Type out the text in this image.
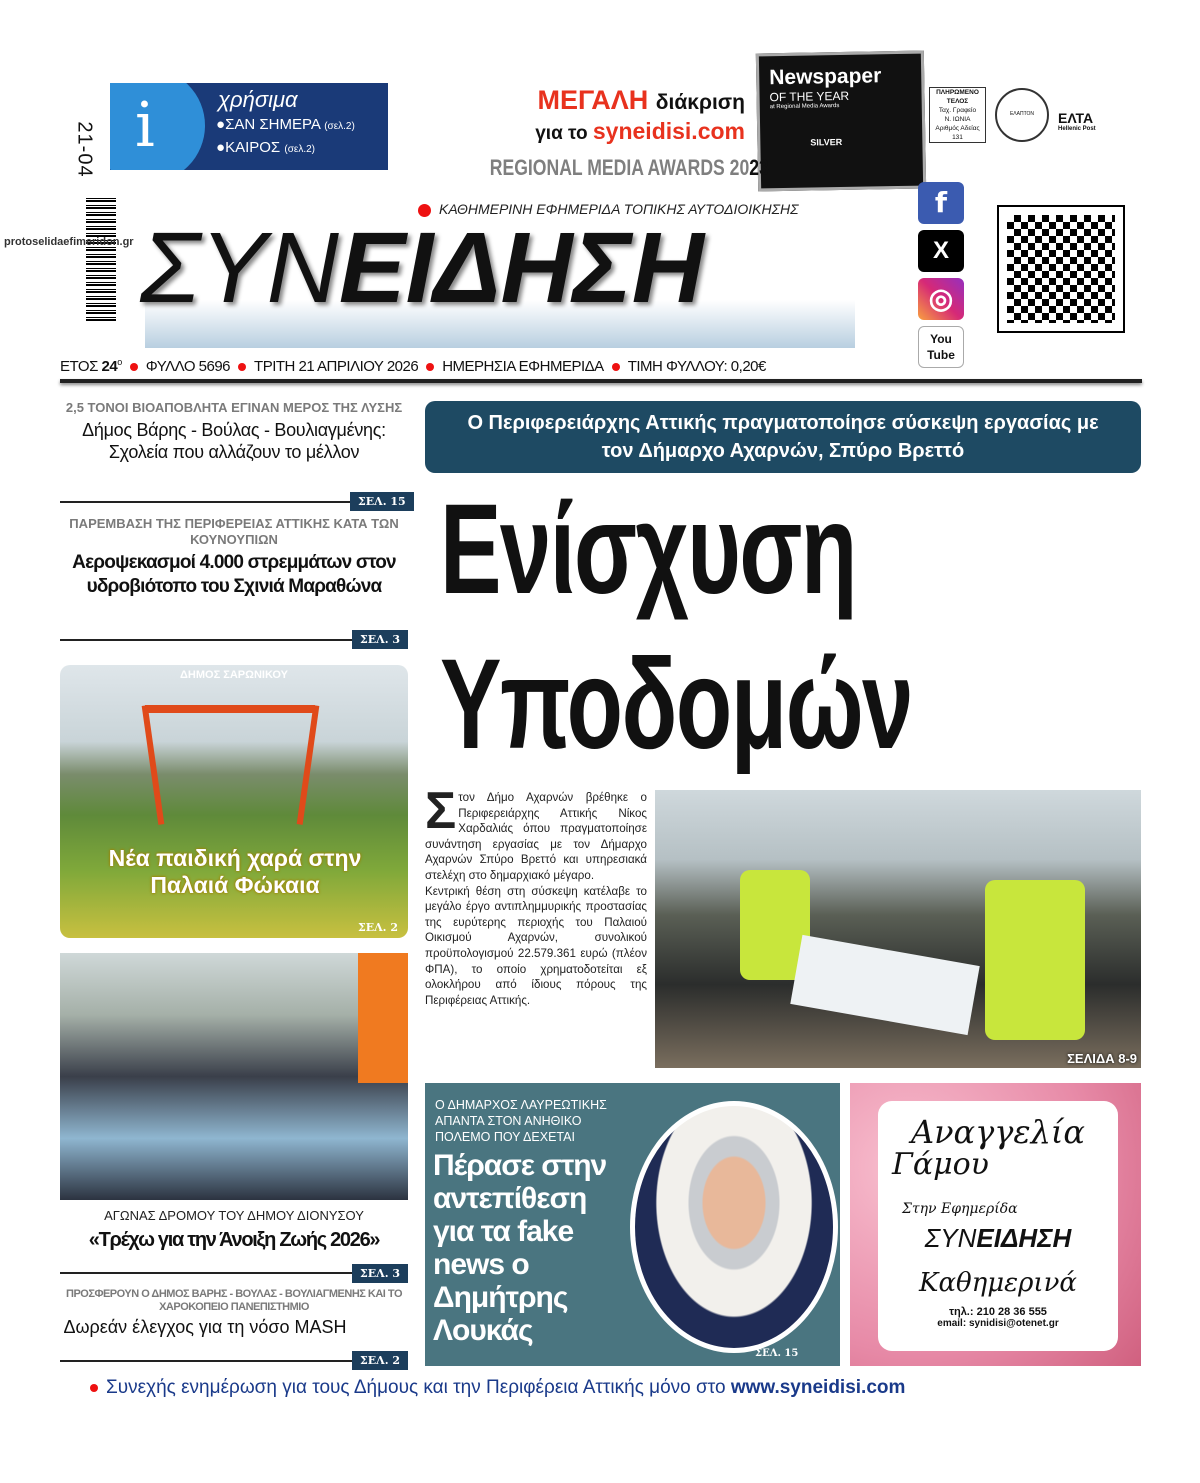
i	χρήσιμα
●ΣΑΝ ΣΗΜΕΡΑ (σελ.2)
●ΚΑΙΡΟΣ (σελ.2)
Newspaper
OF THE YEAR
at Regional Media Awards
SILVER
ΜΕΓΑΛΗ διάκριση
για το syneidisi.com
REGIONAL MEDIA AWARDS 2023
ΠΛΗΡΩΜΕΝΟ
ΤΕΛΟΣ
Ταχ. Γραφείο
Ν. ΙΩΝΙΑ
Αριθμός Αδείας
131
ΕΛΑΠΤΟΝ	ΕΛΤΑ
Hellenic Post
21-04
protoselidaefimeridon.gr
ΚΑΘΗΜΕΡΙΝΗ ΕΦΗΜΕΡΙΔΑ ΤΟΠΙΚΗΣ ΑΥΤΟΔΙΟΙΚΗΣΗΣ
ΣΥΝΕΙΔΗΣΗ
f
X
◎
You Tube
ΕΤΟΣ $24^o$ ΦΥΛΛΟ 5696 ΤΡΙΤΗ 21 ΑΠΡΙΛΙΟΥ 2026 ΗΜΕΡΗΣΙΑ ΕΦΗΜΕΡΙΔΑ ΤΙΜΗ ΦΥΛΛΟΥ: 0,20€
2,5 ΤΟΝΟΙ ΒΙΟΑΠΟΒΛΗΤΑ ΕΓΙΝΑΝ ΜΕΡΟΣ ΤΗΣ ΛΥΣΗΣ
Δήμος Βάρης - Βούλας - Βουλιαγμένης: Σχολεία που αλλάζουν το μέλλον
ΣΕΛ. 15
ΠΑΡΕΜΒΑΣΗ ΤΗΣ ΠΕΡΙΦΕΡΕΙΑΣ ΑΤΤΙΚΗΣ ΚΑΤΑ ΤΩΝ ΚΟΥΝΟΥΠΙΩΝ
Αεροψεκασμοί 4.000 στρεμμάτων στον υδροβιότοπο του Σχινιά Μαραθώνα
ΣΕΛ. 3
ΔΗΜΟΣ ΣΑΡΩΝΙΚΟΥ
Νέα παιδική χαρά στην Παλαιά Φώκαια
ΣΕΛ. 2
ΑΓΩΝΑΣ ΔΡΟΜΟΥ ΤΟΥ ΔΗΜΟΥ ΔΙΟΝΥΣΟΥ
«Τρέχω για την Άνοιξη Ζωής 2026»
ΣΕΛ. 3
ΠΡΟΣΦΕΡΟΥΝ Ο ΔΗΜΟΣ ΒΑΡΗΣ - ΒΟΥΛΑΣ - ΒΟΥΛΙΑΓΜΕΝΗΣ ΚΑΙ ΤΟ ΧΑΡΟΚΟΠΕΙΟ ΠΑΝΕΠΙΣΤΗΜΙΟ
Δωρεάν έλεγχος για τη νόσο MASH
ΣΕΛ. 2
Ο Περιφερειάρχης Αττικής πραγματοποίησε σύσκεψη εργασίας με τον Δήμαρχο Αχαρνών, Σπύρο Βρεττό
Ενίσχυση
Υποδομών
Στον Δήμο Αχαρνών βρέθηκε ο Περιφερειάρχης Αττικής Νίκος Χαρδαλιάς όπου πραγματοποίησε συνάντηση εργασίας με τον Δήμαρχο Αχαρνών Σπύρο Βρεττό και υπηρεσιακά στελέχη στο δημαρχιακό μέγαρο.
Κεντρική θέση στη σύσκεψη κατέλαβε το μεγάλο έργο αντιπλημμυρικής προστασίας της ευρύτερης περιοχής του Παλαιού Οικισμού Αχαρνών, συνολικού προϋπολογισμού 22.579.361 ευρώ (πλέον ΦΠΑ), το οποίο χρηματοδοτείται εξ ολοκλήρου από ίδιους πόρους της Περιφέρειας Αττικής.
ΣΕΛΙΔΑ 8-9
Ο ΔΗΜΑΡΧΟΣ ΛΑΥΡΕΩΤΙΚΗΣ ΑΠΑΝΤΑ ΣΤΟΝ ΑΝΗΘΙΚΟ ΠΟΛΕΜΟ ΠΟΥ ΔΕΧΕΤΑΙ
Πέρασε στην αντεπίθεση για τα fake news ο Δημήτρης Λουκάς
ΣΕΛ. 15
Αναγγελία
Γάμου
Στην Εφημερίδα
ΣΥΝΕΙΔΗΣΗ
Καθημερινά
τηλ.: 210 28 36 555
email: synidisi@otenet.gr
Συνεχής ενημέρωση για τους Δήμους και την Περιφέρεια Αττικής μόνο στο www.syneidisi.com
